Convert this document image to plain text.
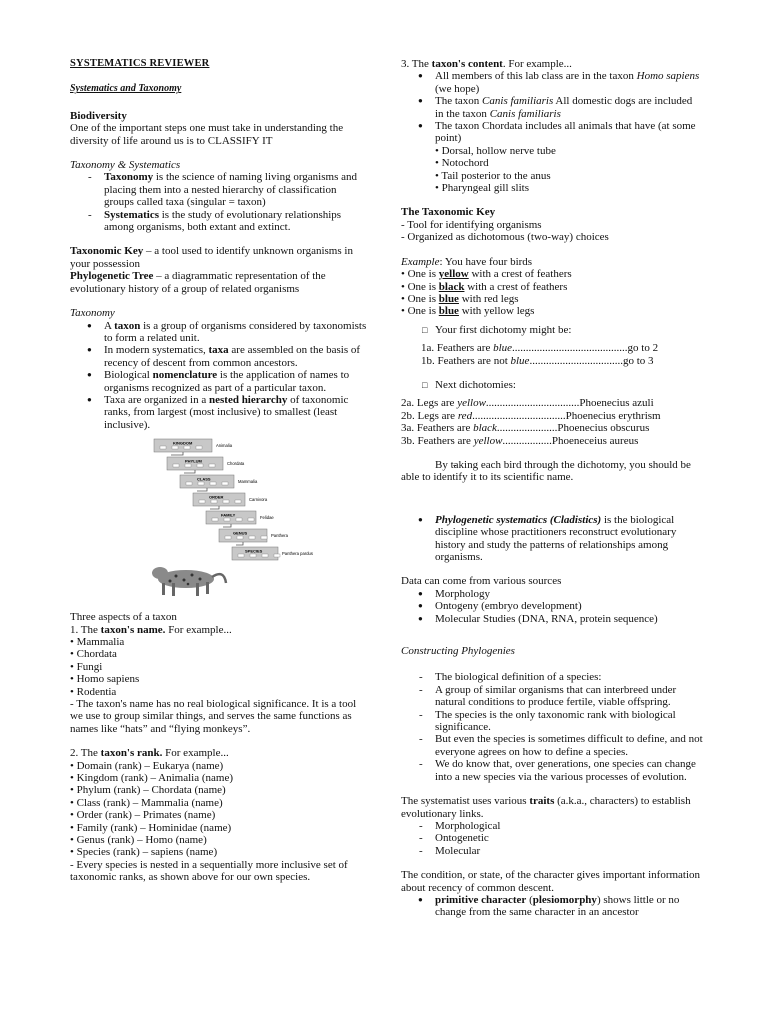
SYSTEMATICS REVIEWER

Systematics and Taxonomy

Biodiversity

One of the important steps one must take in understanding the diversity of life around us is to CLASSIFY IT

Taxonomy & Systematics

- Taxonomy is the science of naming living organisms and placing them into a nested hierarchy of classification groups called taxa (singular = taxon)
- Systematics is the study of evolutionary relationships among organisms, both extant and extinct.

Taxonomic Key – a tool used to identify unknown organisms in your possession

Phylogenetic Tree – a diagrammatic representation of the evolutionary history of a group of related organisms

Taxonomy

● A taxon is a group of organisms considered by taxonomists to form a related unit.
● In modern systematics, taxa are assembled on the basis of recency of descent from common ancestors.
● Biological nomenclature is the application of names to organisms recognized as part of a particular taxon.
● Taxa are organized in a nested hierarchy of taxonomic ranks, from largest (most inclusive) to smallest (least inclusive).
KINGDOM	Animalia
PHYLUM	Chordata
CLASS	Mammalia
ORDER	Carnivora
FAMILY	Felidae
GENUS	Panthera
SPECIES	Panthera pardus

Three aspects of a taxon

1. The taxon's name. For example...

• Mammalia

• Chordata

• Fungi

• Homo sapiens

• Rodentia

- The taxon's name has no real biological significance. It is a tool we use to group similar things, and serves the same functions as names like “hats” and “flying monkeys”.

2. The taxon's rank. For example...

• Domain (rank) – Eukarya (name)

• Kingdom (rank) – Animalia (name)

• Phylum (rank) – Chordata (name)

• Class (rank) – Mammalia (name)

• Order (rank) – Primates (name)

• Family (rank) – Hominidae (name)

• Genus (rank) – Homo (name)

• Species (rank) – sapiens (name)

- Every species is nested in a sequentially more inclusive set of taxonomic ranks, as shown above for our own species.

3. The taxon's content. For example...

● All members of this lab class are in the taxon Homo sapiens (we hope)
● The taxon Canis familiaris All domestic dogs are included in the taxon Canis familiaris
● The taxon Chordata includes all animals that have (at some point)

• Dorsal, hollow nerve tube

• Notochord

• Tail posterior to the anus

• Pharyngeal gill slits

The Taxonomic Key

- Tool for identifying organisms

- Organized as dichotomous (two-way) choices

Example: You have four birds

• One is yellow with a crest of feathers

• One is black with a crest of feathers

• One is blue with red legs

• One is blue with yellow legs

□ Your first dichotomy might be:

1a. Feathers are blue..........................................go to 2

1b. Feathers are not blue..................................go to 3

□ Next dichotomies:

2a. Legs are yellow..................................Phoenecius azuli

2b. Legs are red..................................Phoenecius erythrism

3a. Feathers are black......................Phoenecius obscurus

3b. Feathers are yellow..................Phoeneceius aureus

- By taking each bird through the dichotomy, you should be able to identify it to its scientific name.
● Phylogenetic systematics (Cladistics) is the biological discipline whose practitioners reconstruct evolutionary history and study the patterns of relationships among organisms.

Data can come from various sources

● Morphology
● Ontogeny (embryo development)
● Molecular Studies (DNA, RNA, protein sequence)

Constructing Phylogenies

- The biological definition of a species:
- A group of similar organisms that can interbreed under natural conditions to produce fertile, viable offspring.
- The species is the only taxonomic rank with biological significance.
- But even the species is sometimes difficult to define, and not everyone agrees on how to define a species.
- We do know that, over generations, one species can change into a new species via the various processes of evolution.

The systematist uses various traits (a.k.a., characters) to establish evolutionary links.

- Morphological
- Ontogenetic
- Molecular

The condition, or state, of the character gives important information about recency of common descent.

● primitive character (plesiomorphy) shows little or no change from the same character in an ancestor
